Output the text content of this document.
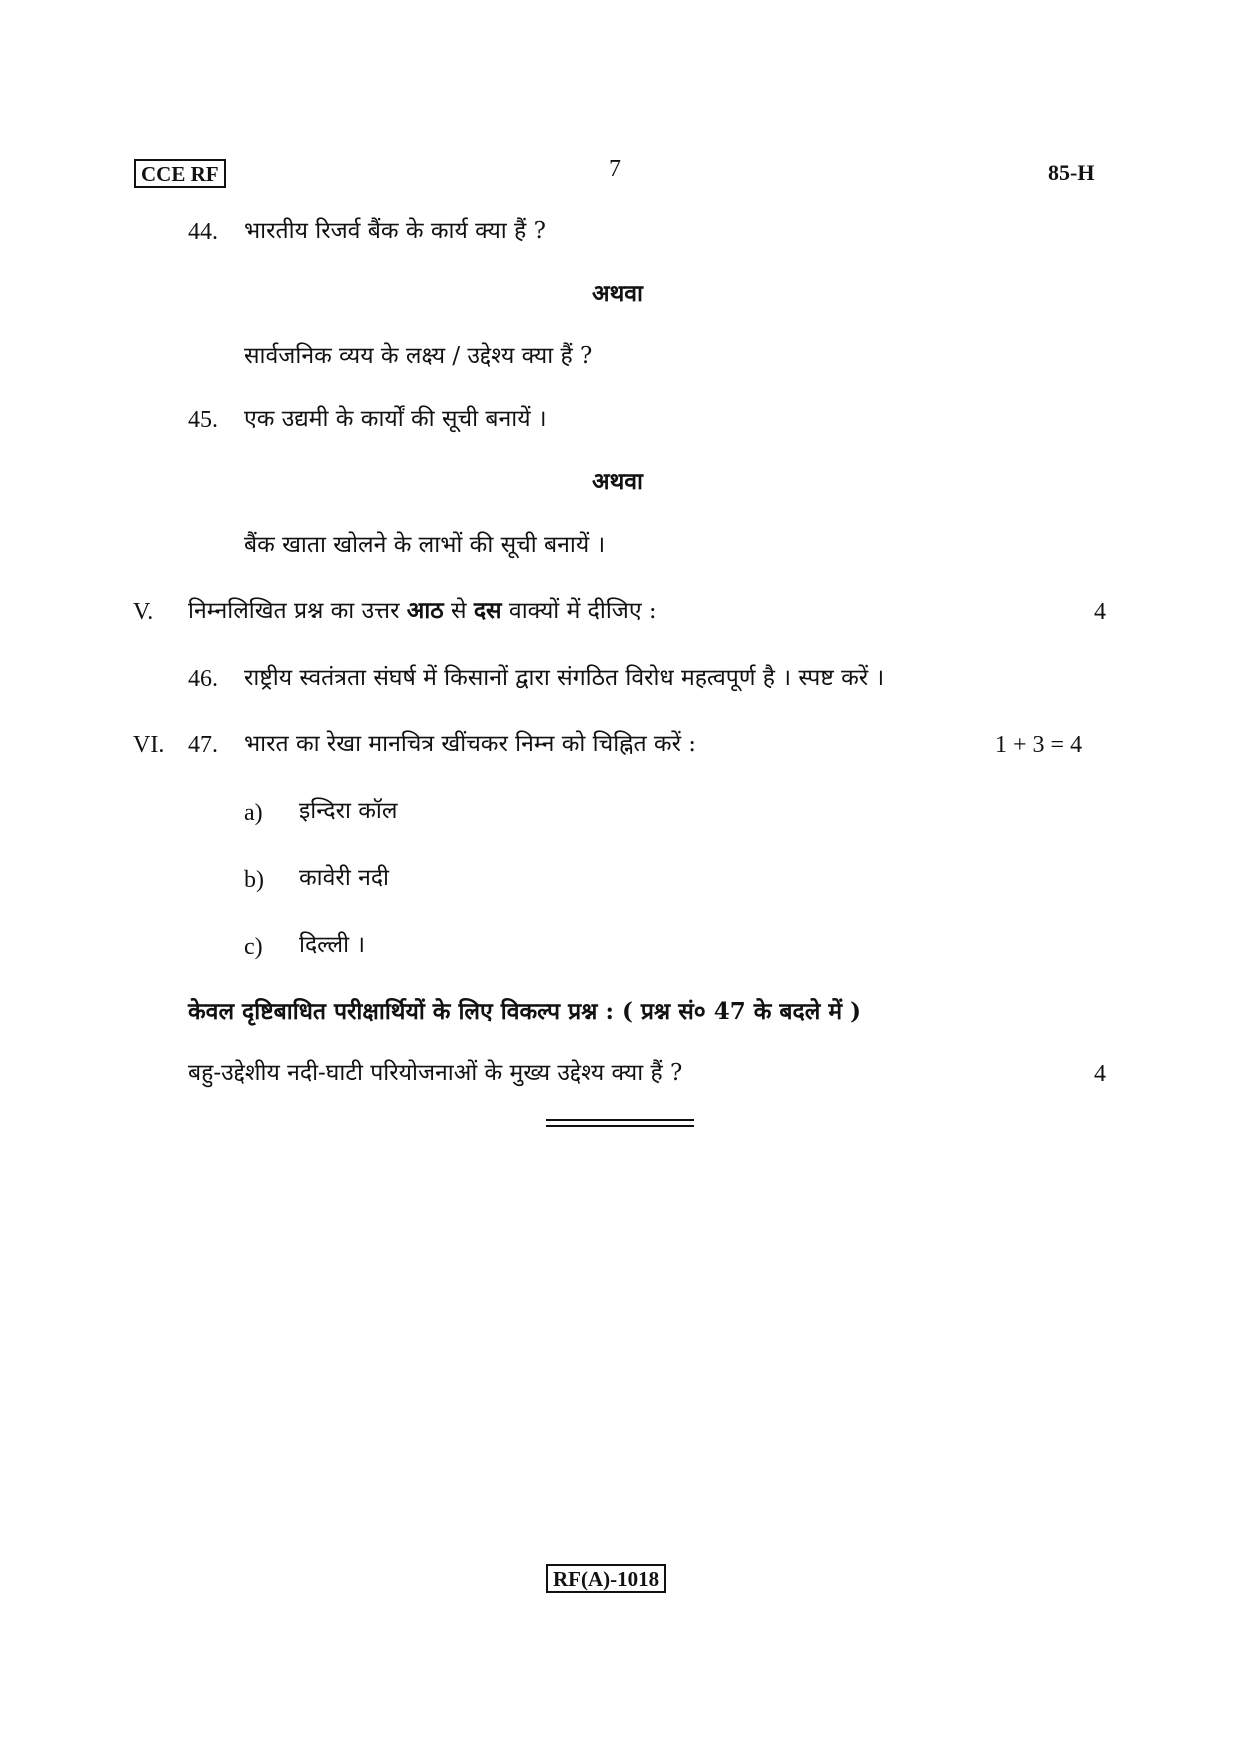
CCE RF	7	85-H
44. भारतीय रिजर्व बैंक के कार्य क्या हैं ?
अथवा
सार्वजनिक व्यय के लक्ष्य / उद्देश्य क्या हैं ?
45. एक उद्यमी के कार्यों की सूची बनायें ।
अथवा
बैंक खाता खोलने के लाभों की सूची बनायें ।
V. निम्नलिखित प्रश्न का उत्तर आठ से दस वाक्यों में दीजिए :	4
46. राष्ट्रीय स्वतंत्रता संघर्ष में किसानों द्वारा संगठित विरोध महत्वपूर्ण है । स्पष्ट करें ।
VI. 47. भारत का रेखा मानचित्र खींचकर निम्न को चिह्नित करें :	1 + 3 = 4
a) इन्दिरा कॉल
b) कावेरी नदी
c) दिल्ली ।
केवल दृष्टिबाधित परीक्षार्थियों के लिए विकल्प प्रश्न : ( प्रश्न सं० 47 के बदले में )
बहु-उद्देशीय नदी-घाटी परियोजनाओं के मुख्य उद्देश्य क्या हैं ?	4
RF(A)-1018
